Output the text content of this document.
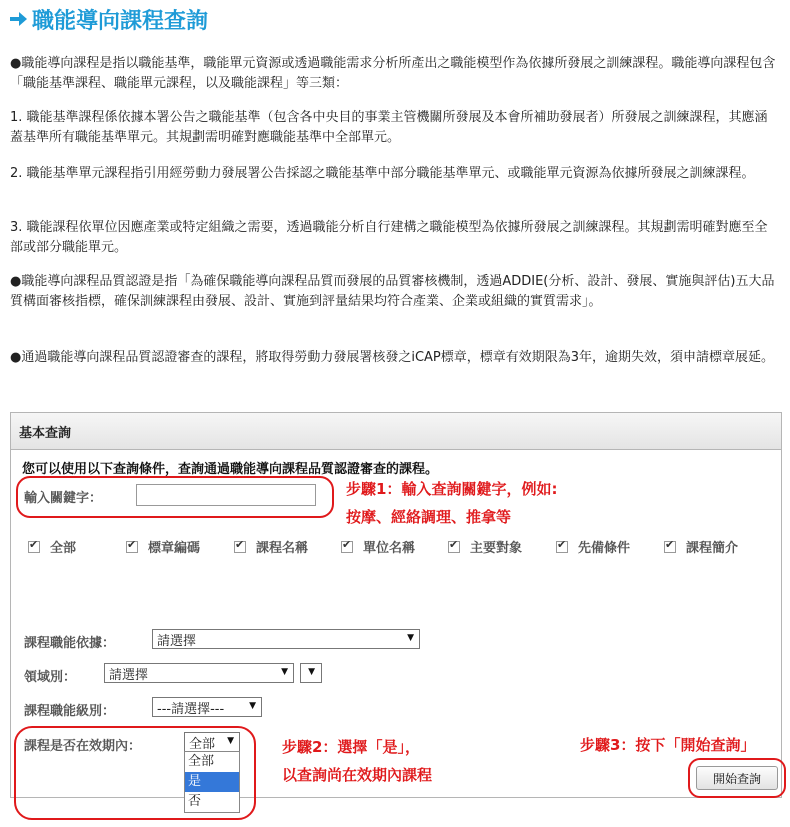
職能導向課程查詢
●職能導向課程是指以職能基準，職能單元資源或透過職能需求分析所產出之職能模型作為依據所發展之訓練課程。職能導向課程包含「職能基準課程、職能單元課程，以及職能課程」等三類：
1. 職能基準課程係依據本署公告之職能基準（包含各中央目的事業主管機關所發展及本會所補助發展者）所發展之訓練課程，其應涵蓋基準所有職能基準單元。其規劃需明確對應職能基準中全部單元。
2. 職能基準單元課程指引用經勞動力發展署公告採認之職能基準中部分職能基準單元、或職能單元資源為依據所發展之訓練課程。
3. 職能課程依單位因應產業或特定組織之需要，透過職能分析自行建構之職能模型為依據所發展之訓練課程。其規劃需明確對應至全部或部分職能單元。
●職能導向課程品質認證是指「為確保職能導向課程品質而發展的品質審核機制，透過ADDIE(分析、設計、發展、實施與評估)五大品質構面審核指標，確保訓練課程由發展、設計、實施到評量結果均符合產業、企業或組織的實質需求」。
●通過職能導向課程品質認證審查的課程，將取得勞動力發展署核發之iCAP標章，標章有效期限為3年，逾期失效，須申請標章展延。
基本查詢
您可以使用以下查詢條件，查詢通過職能導向課程品質認證審查的課程。
輸入關鍵字：
步驟1：輸入查詢關鍵字，例如:
按摩、經絡調理、推拿等
✔
全部 ✔	標章編碼 ✔	課程名稱 ✔	單位名稱 ✔	主要對象 ✔	先備條件 ✔	課程簡介
課程職能依據：	請選擇	▼
領域別：	請選擇	▼ ▼
課程職能級別：	---請選擇---	▼
課程是否在效期內：	全部 ▼
全部
是
否
步驟2：選擇「是」，
以查詢尚在效期內課程
步驟3：按下「開始查詢」
開始查詢
